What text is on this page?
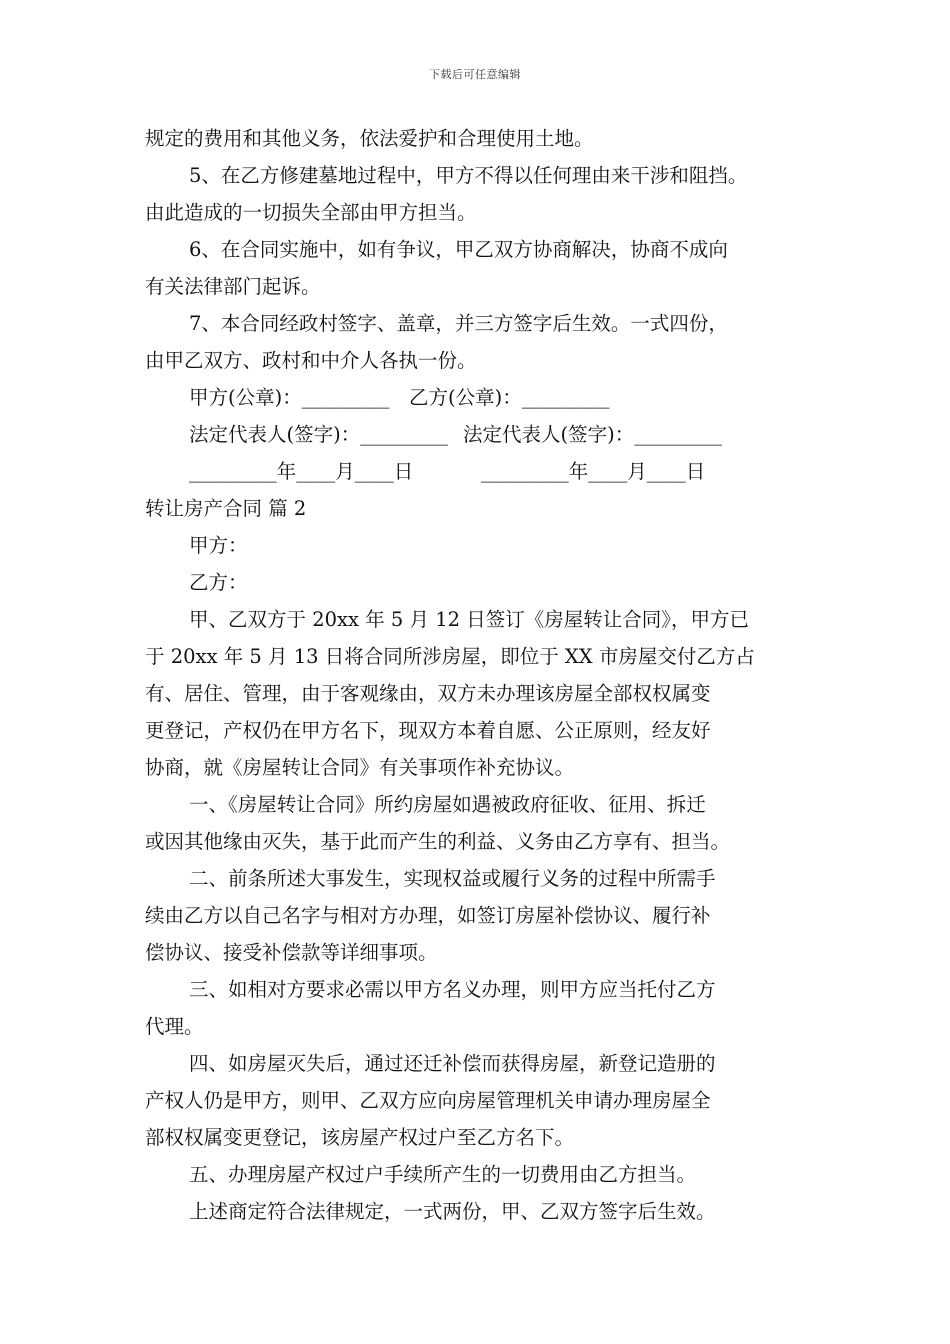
下载后可任意编辑
规定的费用和其他义务，依法爱护和合理使用土地。
5、在乙方修建墓地过程中，甲方不得以任何理由来干涉和阻挡。
由此造成的一切损失全部由甲方担当。
6、在合同实施中，如有争议，甲乙双方协商解决，协商不成向
有关法律部门起诉。
7、本合同经政村签字、盖章，并三方签字后生效。一式四份，
由甲乙双方、政村和中介人各执一份。
甲方(公章)：_________	乙方(公章)：_________
法定代表人(签字)：_________ 法定代表人(签字)：_________
_________年____月____日	_________年____月____日
转让房产合同 篇 2
甲方：
乙方：
甲、乙双方于 20xx 年 5 月 12 日签订《房屋转让合同》，甲方已
于 20xx 年 5 月 13 日将合同所涉房屋，即位于 XX 市房屋交付乙方占
有、居住、管理，由于客观缘由，双方未办理该房屋全部权权属变
更登记，产权仍在甲方名下，现双方本着自愿、公正原则，经友好
协商，就《房屋转让合同》有关事项作补充协议。
一、《房屋转让合同》所约房屋如遇被政府征收、征用、拆迁
或因其他缘由灭失，基于此而产生的利益、义务由乙方享有、担当。
二、前条所述大事发生，实现权益或履行义务的过程中所需手
续由乙方以自己名字与相对方办理，如签订房屋补偿协议、履行补
偿协议、接受补偿款等详细事项。
三、如相对方要求必需以甲方名义办理，则甲方应当托付乙方
代理。
四、如房屋灭失后，通过还迁补偿而获得房屋，新登记造册的
产权人仍是甲方，则甲、乙双方应向房屋管理机关申请办理房屋全
部权权属变更登记，该房屋产权过户至乙方名下。
五、办理房屋产权过户手续所产生的一切费用由乙方担当。
上述商定符合法律规定，一式两份，甲、乙双方签字后生效。
